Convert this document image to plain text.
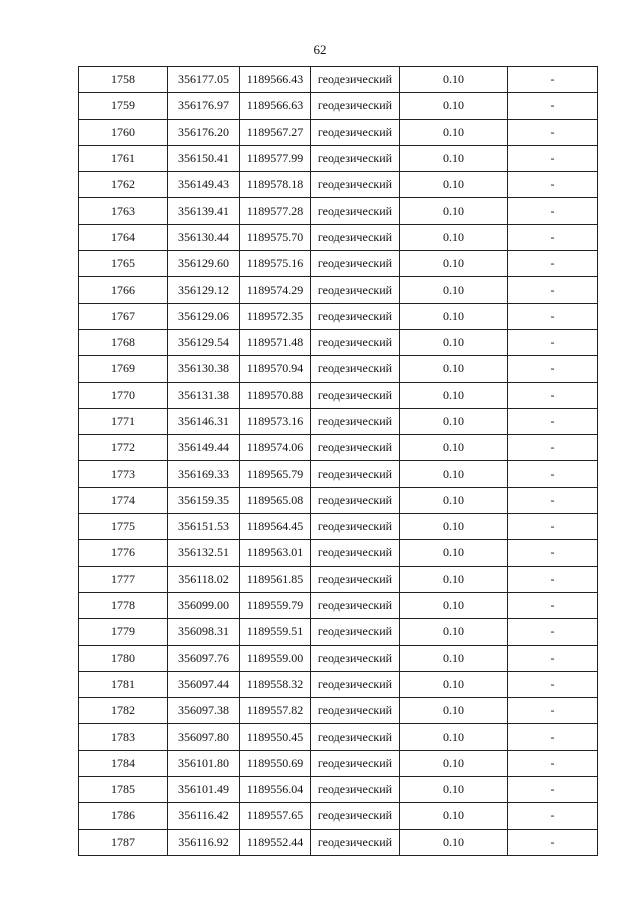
62
1758	356177.05	1189566.43	геодезический	0.10	-
1759	356176.97	1189566.63	геодезический	0.10	-
1760	356176.20	1189567.27	геодезический	0.10	-
1761	356150.41	1189577.99	геодезический	0.10	-
1762	356149.43	1189578.18	геодезический	0.10	-
1763	356139.41	1189577.28	геодезический	0.10	-
1764	356130.44	1189575.70	геодезический	0.10	-
1765	356129.60	1189575.16	геодезический	0.10	-
1766	356129.12	1189574.29	геодезический	0.10	-
1767	356129.06	1189572.35	геодезический	0.10	-
1768	356129.54	1189571.48	геодезический	0.10	-
1769	356130.38	1189570.94	геодезический	0.10	-
1770	356131.38	1189570.88	геодезический	0.10	-
1771	356146.31	1189573.16	геодезический	0.10	-
1772	356149.44	1189574.06	геодезический	0.10	-
1773	356169.33	1189565.79	геодезический	0.10	-
1774	356159.35	1189565.08	геодезический	0.10	-
1775	356151.53	1189564.45	геодезический	0.10	-
1776	356132.51	1189563.01	геодезический	0.10	-
1777	356118.02	1189561.85	геодезический	0.10	-
1778	356099.00	1189559.79	геодезический	0.10	-
1779	356098.31	1189559.51	геодезический	0.10	-
1780	356097.76	1189559.00	геодезический	0.10	-
1781	356097.44	1189558.32	геодезический	0.10	-
1782	356097.38	1189557.82	геодезический	0.10	-
1783	356097.80	1189550.45	геодезический	0.10	-
1784	356101.80	1189550.69	геодезический	0.10	-
1785	356101.49	1189556.04	геодезический	0.10	-
1786	356116.42	1189557.65	геодезический	0.10	-
1787	356116.92	1189552.44	геодезический	0.10	-
